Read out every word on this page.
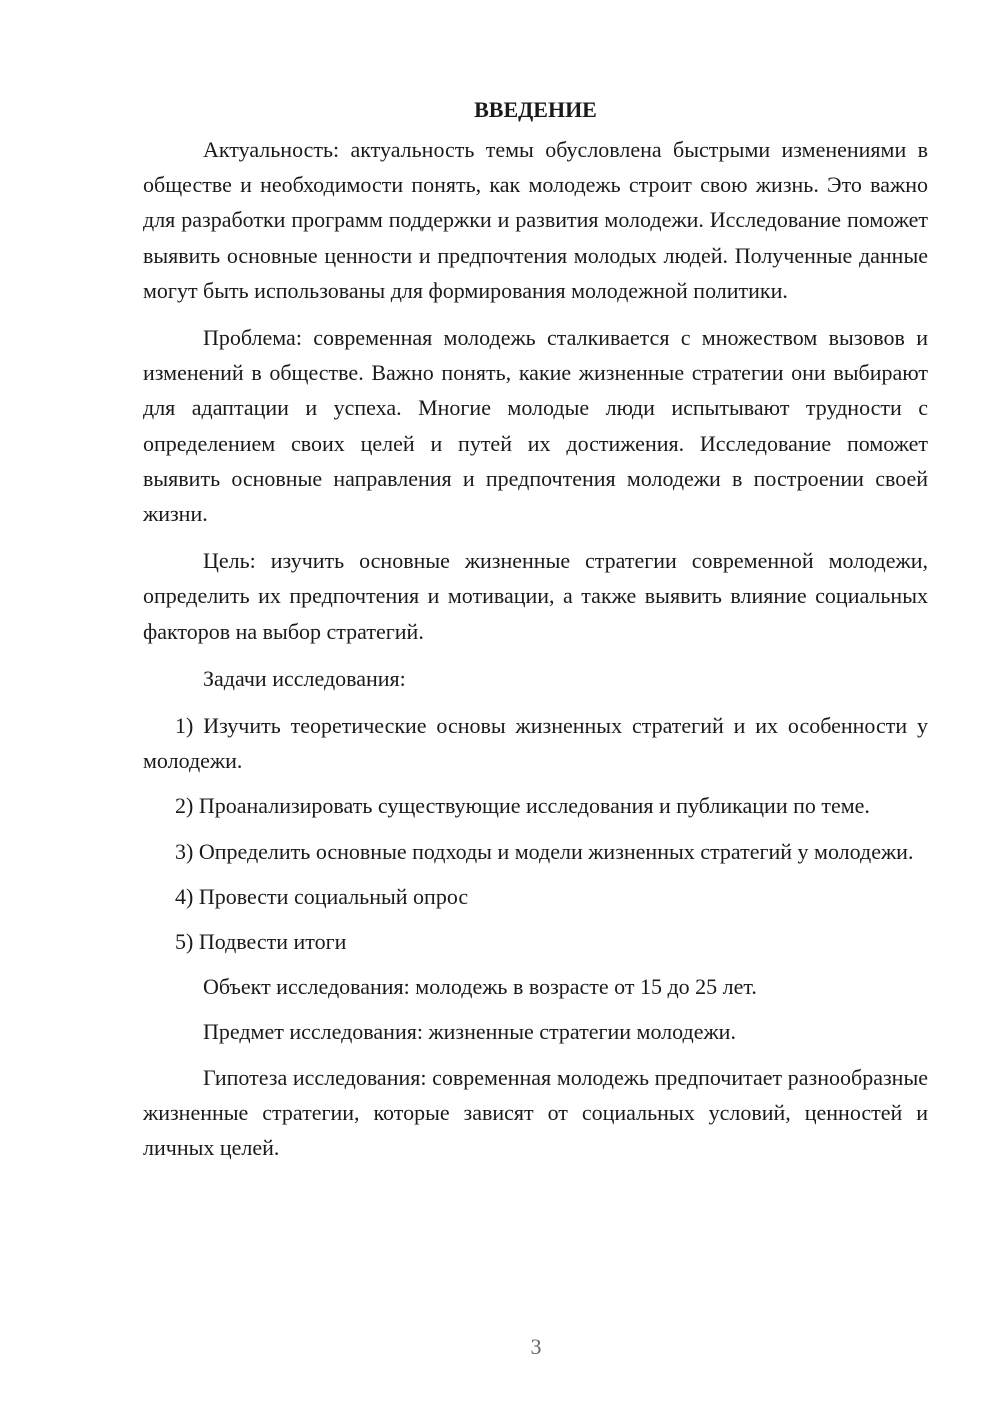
ВВЕДЕНИЕ

Актуальность: актуальность темы обусловлена быстрыми изменениями в обществе и необходимости понять, как молодежь строит свою жизнь. Это важно для разработки программ поддержки и развития молодежи. Исследование поможет выявить основные ценности и предпочтения молодых людей. Полученные данные могут быть использованы для формирования молодежной политики.

Проблема: современная молодежь сталкивается с множеством вызовов и изменений в обществе. Важно понять, какие жизненные стратегии они выбирают для адаптации и успеха. Многие молодые люди испытывают трудности с определением своих целей и путей их достижения. Исследование поможет выявить основные направления и предпочтения молодежи в построении своей жизни.

Цель: изучить основные жизненные стратегии современной молодежи, определить их предпочтения и мотивации, а также выявить влияние социальных факторов на выбор стратегий.

Задачи исследования:

1) Изучить теоретические основы жизненных стратегий и их особенности у молодежи.

2) Проанализировать существующие исследования и публикации по теме.

3) Определить основные подходы и модели жизненных стратегий у молодежи.

4) Провести социальный опрос

5) Подвести итоги

Объект исследования: молодежь в возрасте от 15 до 25 лет.

Предмет исследования: жизненные стратегии молодежи.

Гипотеза исследования: современная молодежь предпочитает разнообразные жизненные стратегии, которые зависят от социальных условий, ценностей и личных целей.

3
